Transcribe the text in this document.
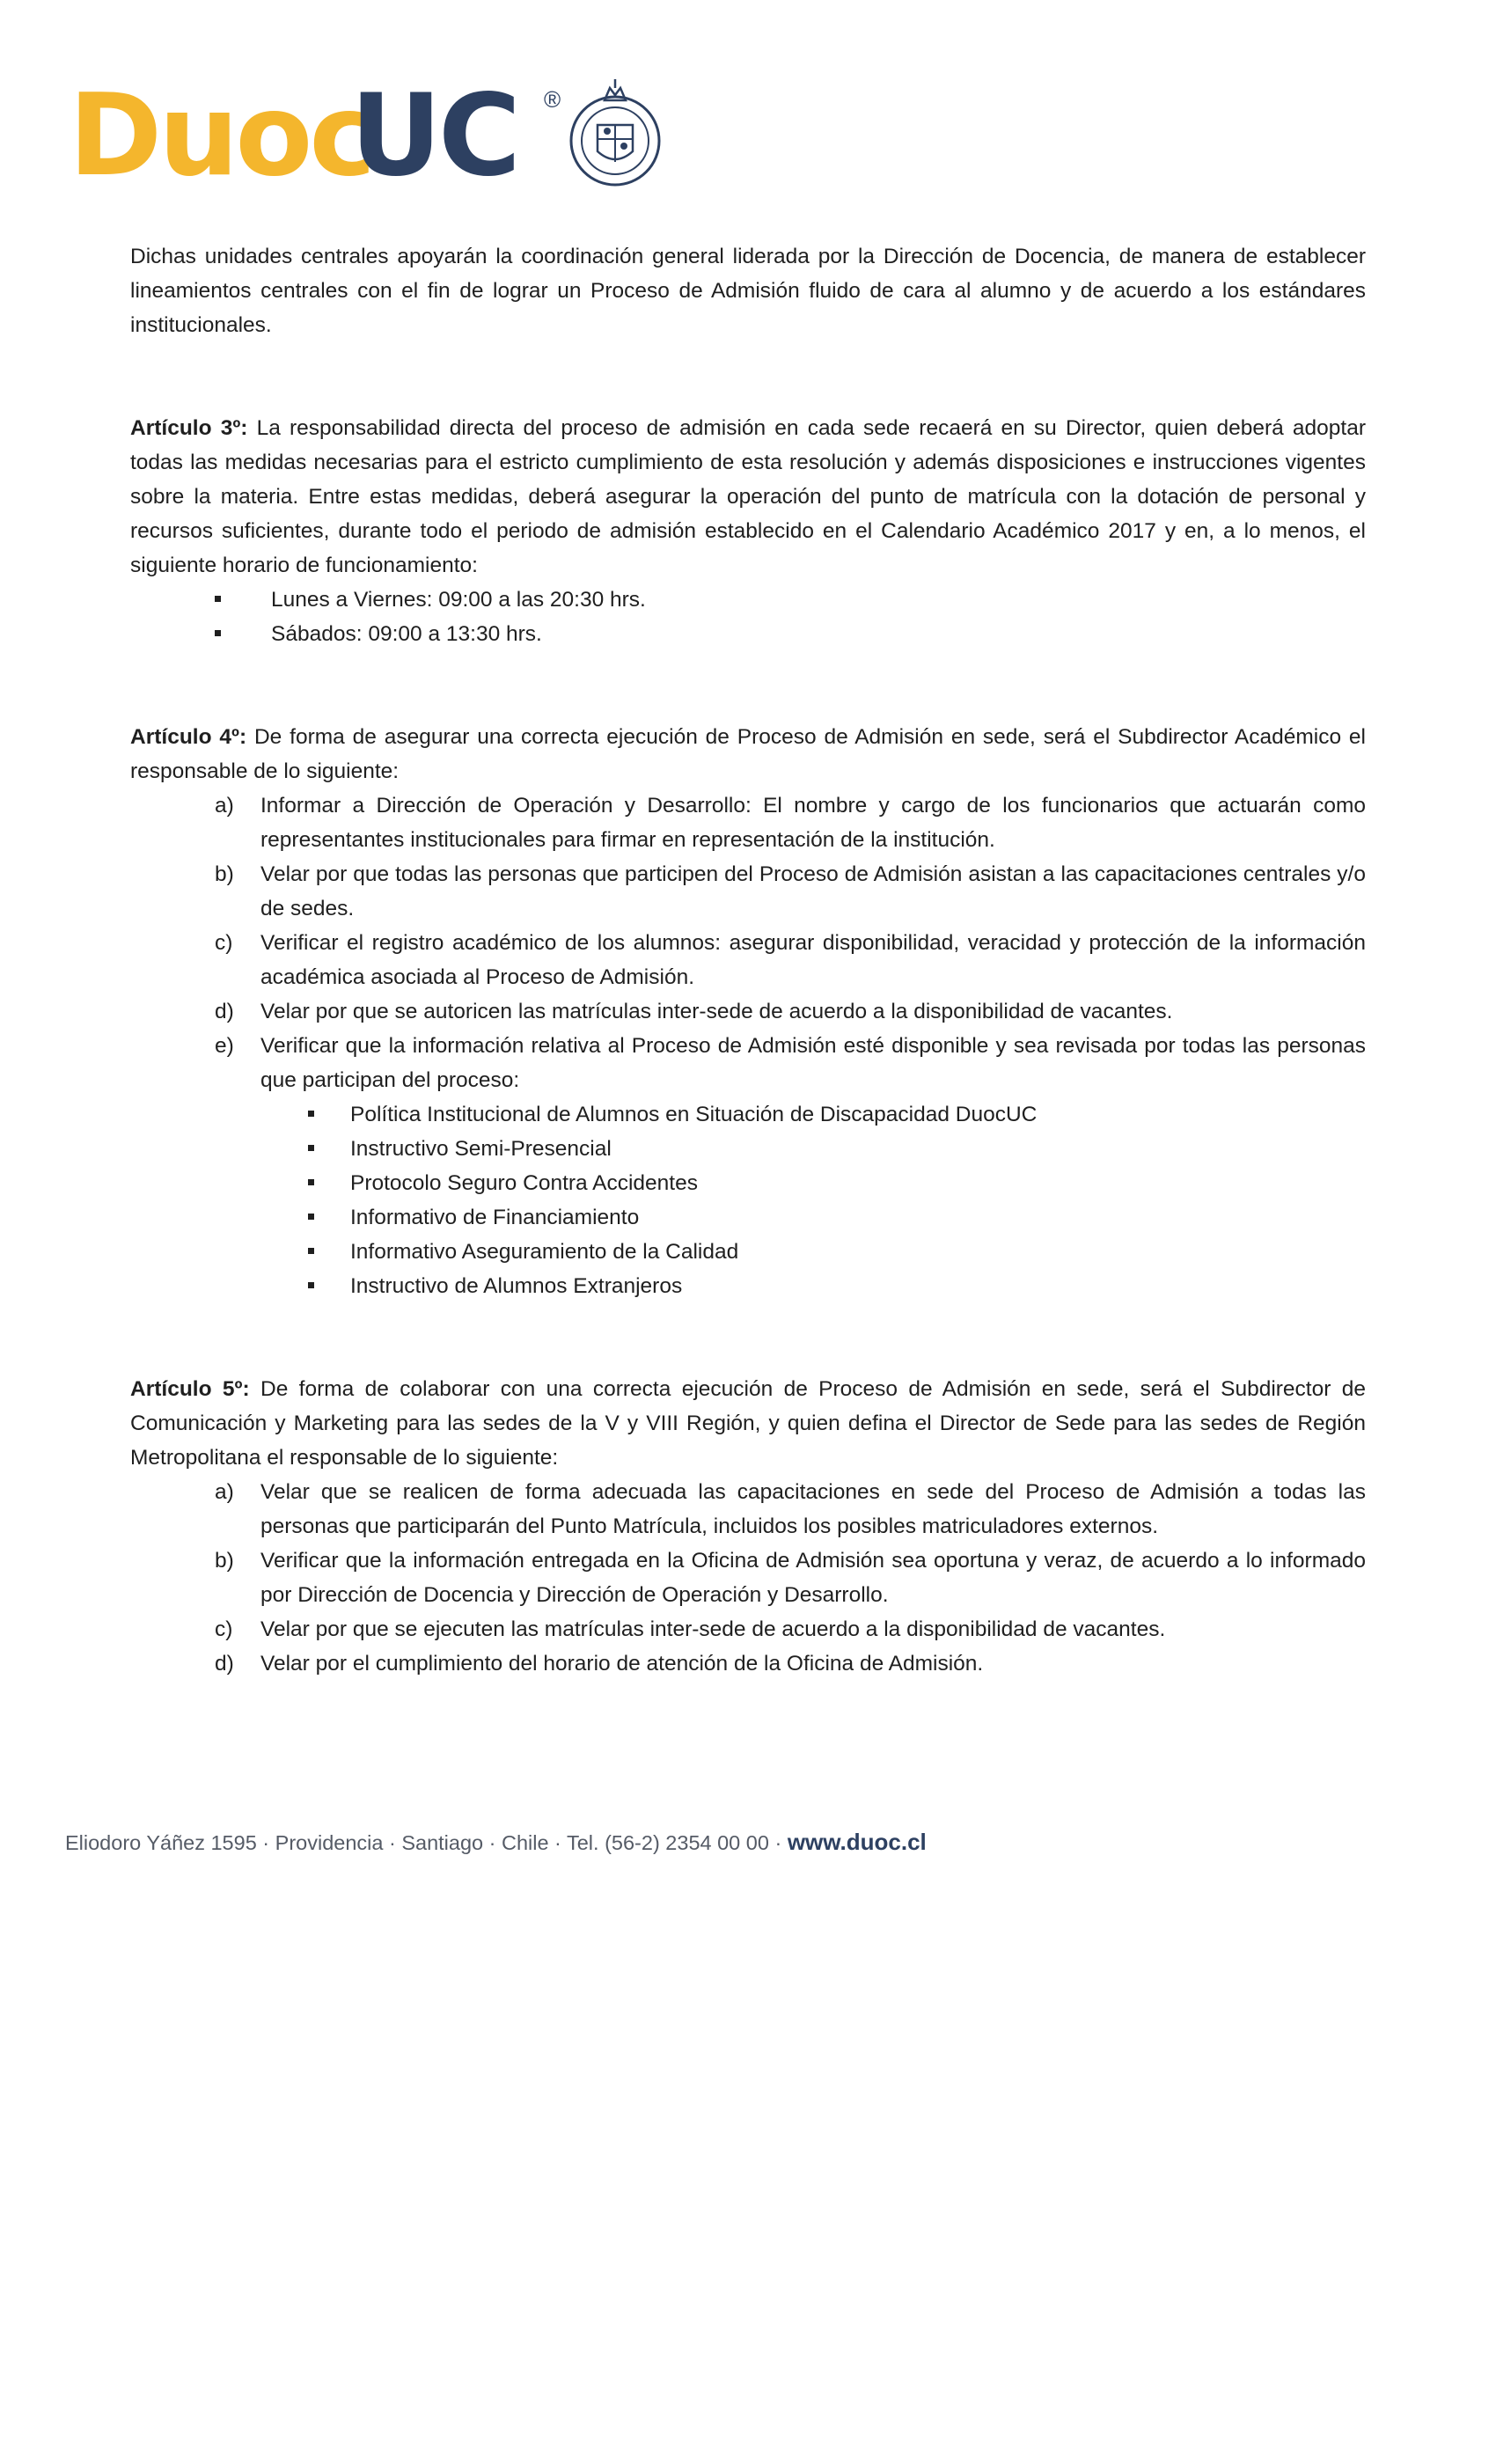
Duoc
UC ®

Dichas unidades centrales apoyarán la coordinación general liderada por la Dirección de Docencia, de manera de establecer lineamientos centrales con el fin de lograr un Proceso de Admisión fluido de cara al alumno y de acuerdo a los estándares institucionales.

Artículo 3º: La responsabilidad directa del proceso de admisión en cada sede recaerá en su Director, quien deberá adoptar todas las medidas necesarias para el estricto cumplimiento de esta resolución y además disposiciones e instrucciones vigentes sobre la materia. Entre estas medidas, deberá asegurar la operación del punto de matrícula con la dotación de personal y recursos suficientes, durante todo el periodo de admisión establecido en el Calendario Académico 2017 y en, a lo menos, el siguiente horario de funcionamiento:

Lunes a Viernes: 09:00 a las 20:30 hrs.
Sábados: 09:00 a 13:30 hrs.

Artículo 4º: De forma de asegurar una correcta ejecución de Proceso de Admisión en sede, será el Subdirector Académico el responsable de lo siguiente:

a) Informar a Dirección de Operación y Desarrollo: El nombre y cargo de los funcionarios que actuarán como representantes institucionales para firmar en representación de la institución.
b) Velar por que todas las personas que participen del Proceso de Admisión asistan a las capacitaciones centrales y/o de sedes.
c) Verificar el registro académico de los alumnos: asegurar disponibilidad, veracidad y protección de la información académica asociada al Proceso de Admisión.
d) Velar por que se autoricen las matrículas inter-sede de acuerdo a la disponibilidad de vacantes.
e) Verificar que la información relativa al Proceso de Admisión esté disponible y sea revisada por todas las personas que participan del proceso:
Política Institucional de Alumnos en Situación de Discapacidad DuocUC
Instructivo Semi-Presencial
Protocolo Seguro Contra Accidentes
Informativo de Financiamiento
Informativo Aseguramiento de la Calidad
Instructivo de Alumnos Extranjeros

Artículo 5º: De forma de colaborar con una correcta ejecución de Proceso de Admisión en sede, será el Subdirector de Comunicación y Marketing para las sedes de la V y VIII Región, y quien defina el Director de Sede para las sedes de Región Metropolitana el responsable de lo siguiente:

a) Velar que se realicen de forma adecuada las capacitaciones en sede del Proceso de Admisión a todas las personas que participarán del Punto Matrícula, incluidos los posibles matriculadores externos.
b) Verificar que la información entregada en la Oficina de Admisión sea oportuna y veraz, de acuerdo a lo informado por Dirección de Docencia y Dirección de Operación y Desarrollo.
c) Velar por que se ejecuten las matrículas inter-sede de acuerdo a la disponibilidad de vacantes.
d) Velar por el cumplimiento del horario de atención de la Oficina de Admisión.
Eliodoro Yáñez 1595 · Providencia · Santiago · Chile · Tel. (56-2) 2354 00 00 · www.duoc.cl
